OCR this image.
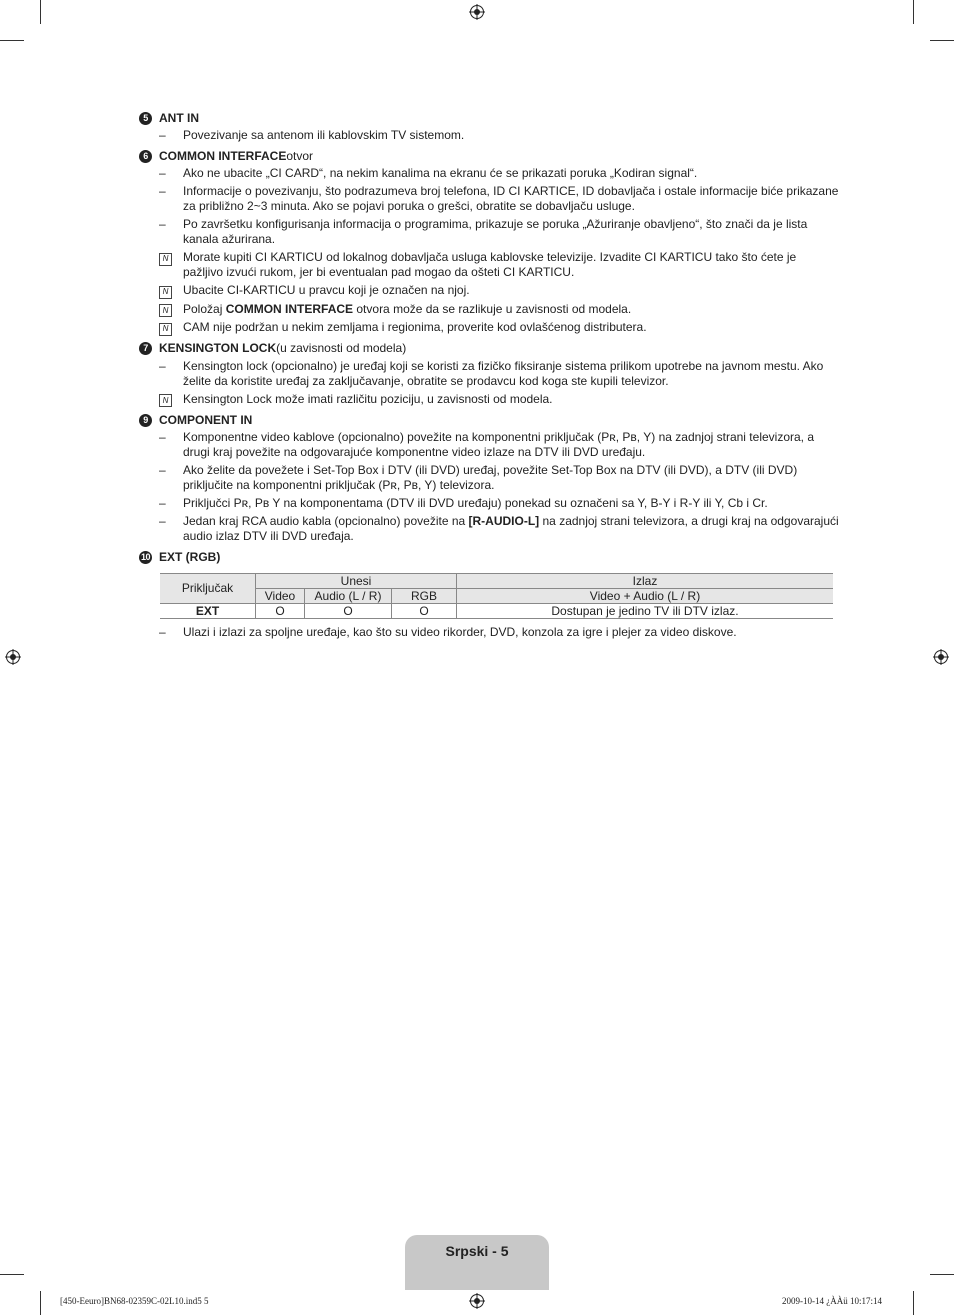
5 ANT IN
–
Povezivanje sa antenom ili kablovskim TV sistemom.
6 COMMON INTERFACE otvor
–
Ako ne ubacite „CI CARD“, na nekim kanalima na ekranu će se prikazati poruka „Kodiran signal“.
–
Informacije o povezivanju, što podrazumeva broj telefona, ID CI KARTICE, ID dobavljača i ostale informacije biće prikazane za približno 2~3 minuta. Ako se pojavi poruka o grešci, obratite se dobavljaču usluge.
–
Po završetku konfigurisanja informacija o programima, prikazuje se poruka „Ažuriranje obavljeno“, što znači da je lista kanala ažurirana.
N	Morate kupiti CI KARTICU od lokalnog dobavljača usluga kablovske televizije. Izvadite CI KARTICU tako što ćete je pažljivo izvući rukom, jer bi eventualan pad mogao da ošteti CI KARTICU.
N	Ubacite CI-KARTICU u pravcu koji je označen na njoj.
N	Položaj COMMON INTERFACE otvora može da se razlikuje u zavisnosti od modela.
N	CAM nije podržan u nekim zemljama i regionima, proverite kod ovlašćenog distributera.
7 KENSINGTON LOCK (u zavisnosti od modela)
–
Kensington lock (opcionalno) je uređaj koji se koristi za fizičko fiksiranje sistema prilikom upotrebe na javnom mestu. Ako želite da koristite uređaj za zaključavanje, obratite se prodavcu kod koga ste kupili televizor.
N	Kensington Lock može imati različitu poziciju, u zavisnosti od modela.
9 COMPONENT IN
–
Komponentne video kablove (opcionalno) povežite na komponentni priključak (Pʀ, Pʙ, Y) na zadnjoj strani televizora, a drugi kraj povežite na odgovarajuće komponentne video izlaze na DTV ili DVD uređaju.
–
Ako želite da povežete i Set-Top Box i DTV (ili DVD) uređaj, povežite Set-Top Box na DTV (ili DVD), a DTV (ili DVD) priključite na komponentni priključak (Pʀ, Pʙ, Y) televizora.
–
Priključci Pʀ, Pʙ Y na komponentama (DTV ili DVD uređaju) ponekad su označeni sa Y, B-Y i R-Y ili Y, Cb i Cr.
–
Jedan kraj RCA audio kabla (opcionalno) povežite na [R-AUDIO-L] na zadnjoj strani televizora, a drugi kraj na odgovarajući audio izlaz DTV ili DVD uređaja.
10 EXT (RGB)
Priključak	Unesi			Izlaz
	Video	Audio (L / R)	RGB	Video + Audio (L / R)
EXT	O	O	O	Dostupan je jedino TV ili DTV izlaz.
–
Ulazi i izlazi za spoljne uređaje, kao što su video rikorder, DVD, konzola za igre i plejer za video diskove.
Srpski - 5
[450-Eeuro]BN68-02359C-02L10.ind5 5	2009-10-14 ¿ÀÀü 10:17:14
